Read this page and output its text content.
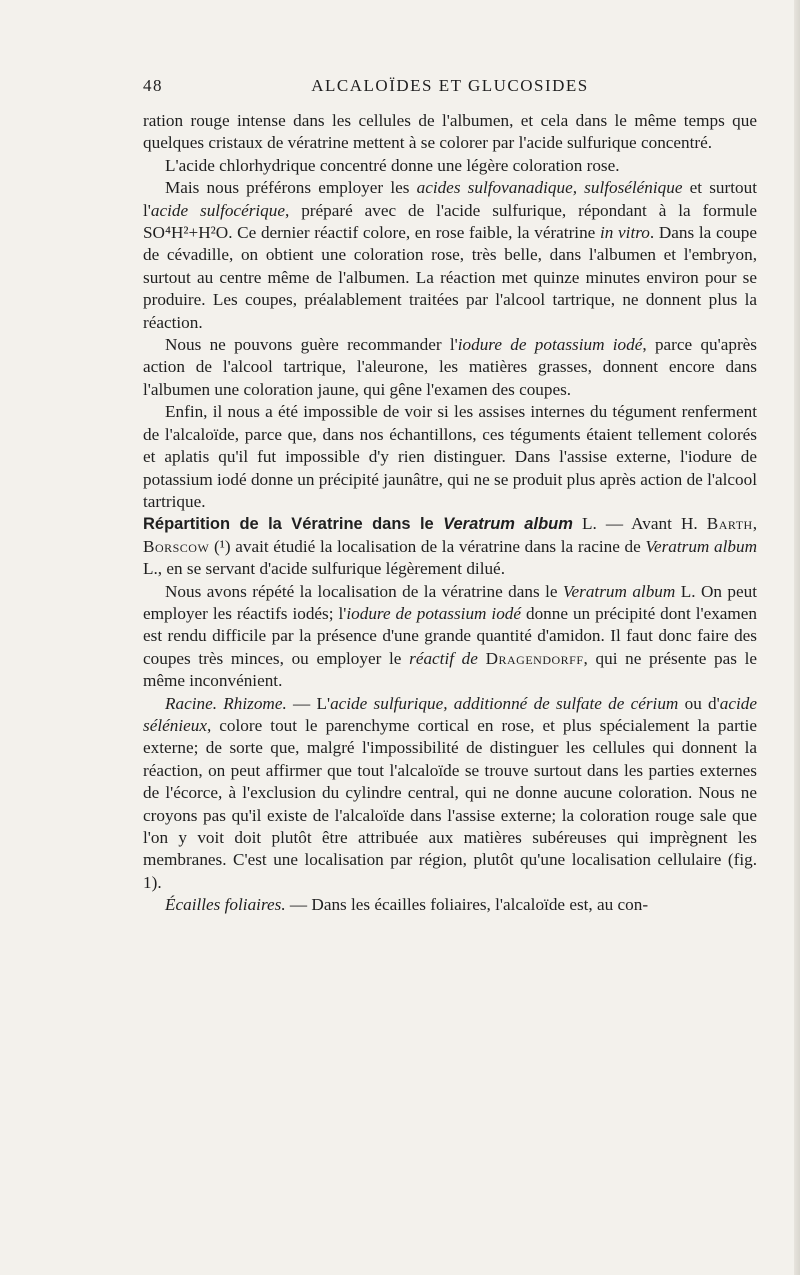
48	ALCALOÏDES ET GLUCOSIDES

ration rouge intense dans les cellules de l'albumen, et cela dans le même temps que quelques cristaux de vératrine mettent à se colorer par l'acide sulfurique concentré.

L'acide chlorhydrique concentré donne une légère coloration rose.

Mais nous préférons employer les acides sulfovanadique, sulfosélénique et surtout l'acide sulfocérique, préparé avec de l'acide sulfurique, répondant à la formule SO⁴H²+H²O. Ce dernier réactif colore, en rose faible, la vératrine in vitro. Dans la coupe de cévadille, on obtient une coloration rose, très belle, dans l'albumen et l'embryon, surtout au centre même de l'albumen. La réaction met quinze minutes environ pour se produire. Les coupes, préalablement traitées par l'alcool tartrique, ne donnent plus la réaction.

Nous ne pouvons guère recommander l'iodure de potassium iodé, parce qu'après action de l'alcool tartrique, l'aleurone, les matières grasses, donnent encore dans l'albumen une coloration jaune, qui gêne l'examen des coupes.

Enfin, il nous a été impossible de voir si les assises internes du tégument renferment de l'alcaloïde, parce que, dans nos échantillons, ces téguments étaient tellement colorés et aplatis qu'il fut impossible d'y rien distinguer. Dans l'assise externe, l'iodure de potassium iodé donne un précipité jaunâtre, qui ne se produit plus après action de l'alcool tartrique.

Répartition de la Vératrine dans le Veratrum album L. — Avant H. Barth, Borscow (¹) avait étudié la localisation de la vératrine dans la racine de Veratrum album L., en se servant d'acide sulfurique légèrement dilué.

Nous avons répété la localisation de la vératrine dans le Veratrum album L. On peut employer les réactifs iodés; l'iodure de potassium iodé donne un précipité dont l'examen est rendu difficile par la présence d'une grande quantité d'amidon. Il faut donc faire des coupes très minces, ou employer le réactif de Dragendorff, qui ne présente pas le même inconvénient.

Racine. Rhizome. — L'acide sulfurique, additionné de sulfate de cérium ou d'acide sélénieux, colore tout le parenchyme cortical en rose, et plus spécialement la partie externe; de sorte que, malgré l'impossibilité de distinguer les cellules qui donnent la réaction, on peut affirmer que tout l'alcaloïde se trouve surtout dans les parties externes de l'écorce, à l'exclusion du cylindre central, qui ne donne aucune coloration. Nous ne croyons pas qu'il existe de l'alcaloïde dans l'assise externe; la coloration rouge sale que l'on y voit doit plutôt être attribuée aux matières subéreuses qui imprègnent les membranes. C'est une localisation par région, plutôt qu'une localisation cellulaire (fig. 1).

Écailles foliaires. — Dans les écailles foliaires, l'alcaloïde est, au con-
